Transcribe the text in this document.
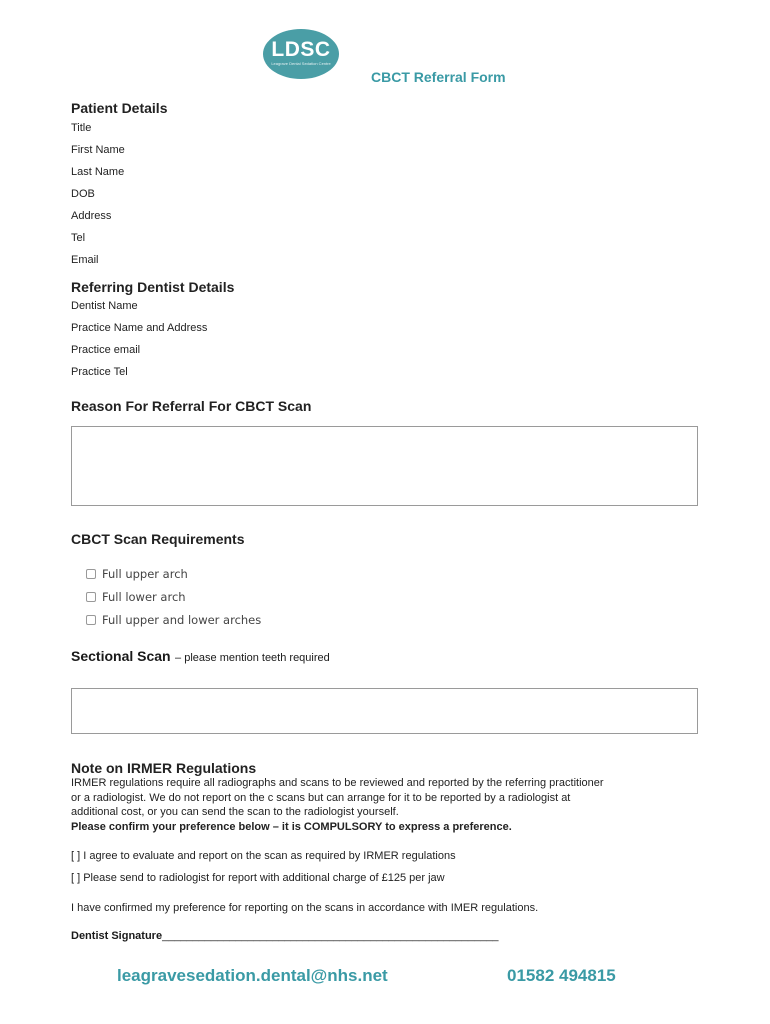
LDSC
Leagrave Dental Sedation Centre
CBCT Referral Form
Patient Details
Title
First Name
Last Name
DOB
Address
Tel
Email
Referring Dentist Details
Dentist Name
Practice Name and Address
Practice email
Practice Tel
Reason For Referral For CBCT Scan
CBCT Scan Requirements
Full upper arch
Full lower arch
Full upper and lower arches
Sectional Scan – please mention teeth required
Note on IRMER Regulations
IRMER regulations require all radiographs and scans to be reviewed and reported by the referring practitioner
or a radiologist. We do not report on the c scans but can arrange for it to be reported by a radiologist at
additional cost, or you can send the scan to the radiologist yourself.
Please confirm your preference below – it is COMPULSORY to express a preference.
[ ] I agree to evaluate and report on the scan as required by IRMER regulations
[ ] Please send to radiologist for report with additional charge of £125 per jaw
I have confirmed my preference for reporting on the scans in accordance with IMER regulations.
Dentist Signature_______________________________________________________
leagravesedation.dental@nhs.net	01582 494815
